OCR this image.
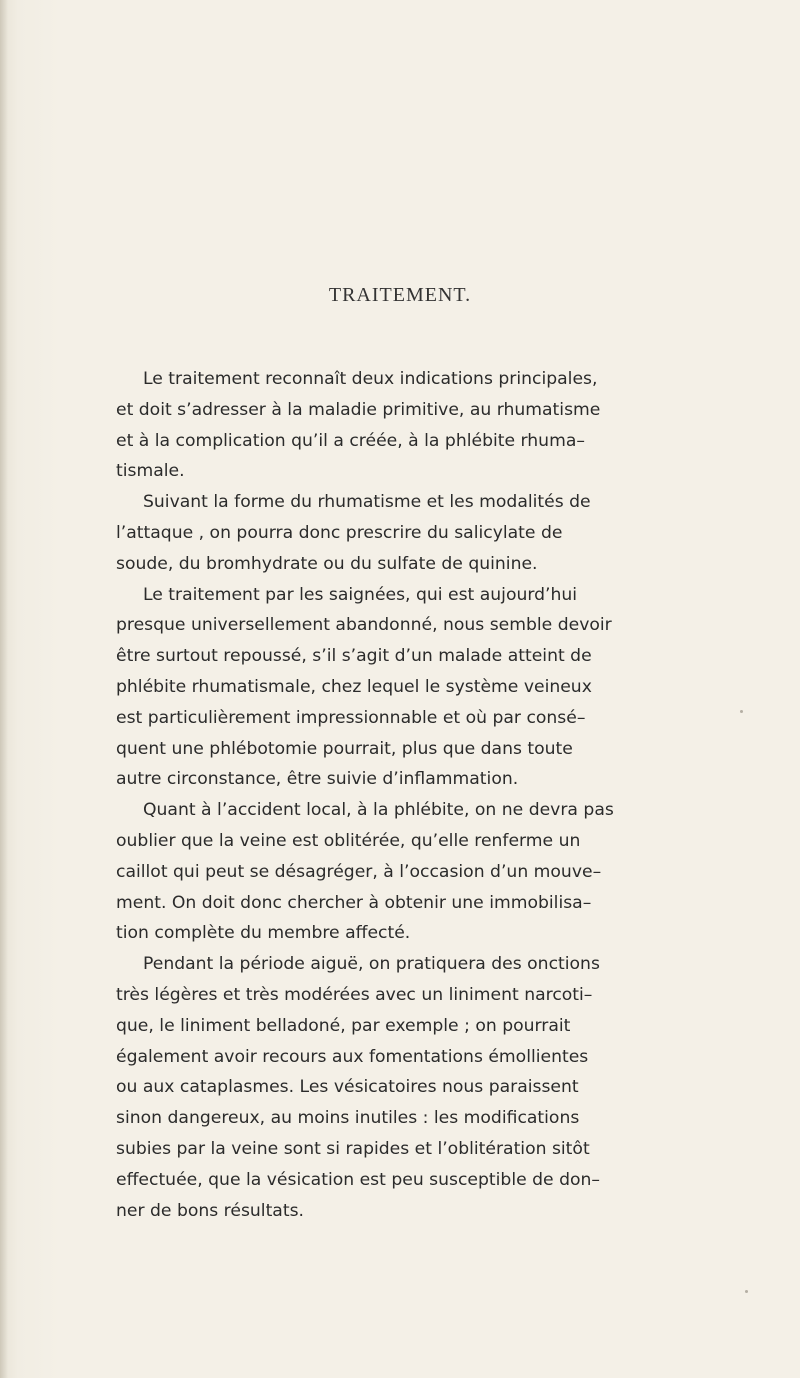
TRAITEMENT.
Le traitement reconnaît deux indications principales,
et doit s’adresser à la maladie primitive, au rhumatisme
et à la complication qu’il a créée, à la phlébite rhuma–
tismale.
Suivant la forme du rhumatisme et les modalités de
l’attaque , on pourra donc prescrire du salicylate de
soude, du bromhydrate ou du sulfate de quinine.
Le traitement par les saignées, qui est aujourd’hui
presque universellement abandonné, nous semble devoir
être surtout repoussé, s’il s’agit d’un malade atteint de
phlébite rhumatismale, chez lequel le système veineux
est particulièrement impressionnable et où par consé–
quent une phlébotomie pourrait, plus que dans toute
autre circonstance, être suivie d’inflammation.
Quant à l’accident local, à la phlébite, on ne devra pas
oublier que la veine est oblitérée, qu’elle renferme un
caillot qui peut se désagréger, à l’occasion d’un mouve–
ment. On doit donc chercher à obtenir une immobilisa–
tion complète du membre affecté.
Pendant la période aiguë, on pratiquera des onctions
très légères et très modérées avec un liniment narcoti–
que, le liniment belladoné, par exemple ; on pourrait
également avoir recours aux fomentations émollientes
ou aux cataplasmes. Les vésicatoires nous paraissent
sinon dangereux, au moins inutiles : les modifications
subies par la veine sont si rapides et l’oblitération sitôt
effectuée, que la vésication est peu susceptible de don–
ner de bons résultats.
